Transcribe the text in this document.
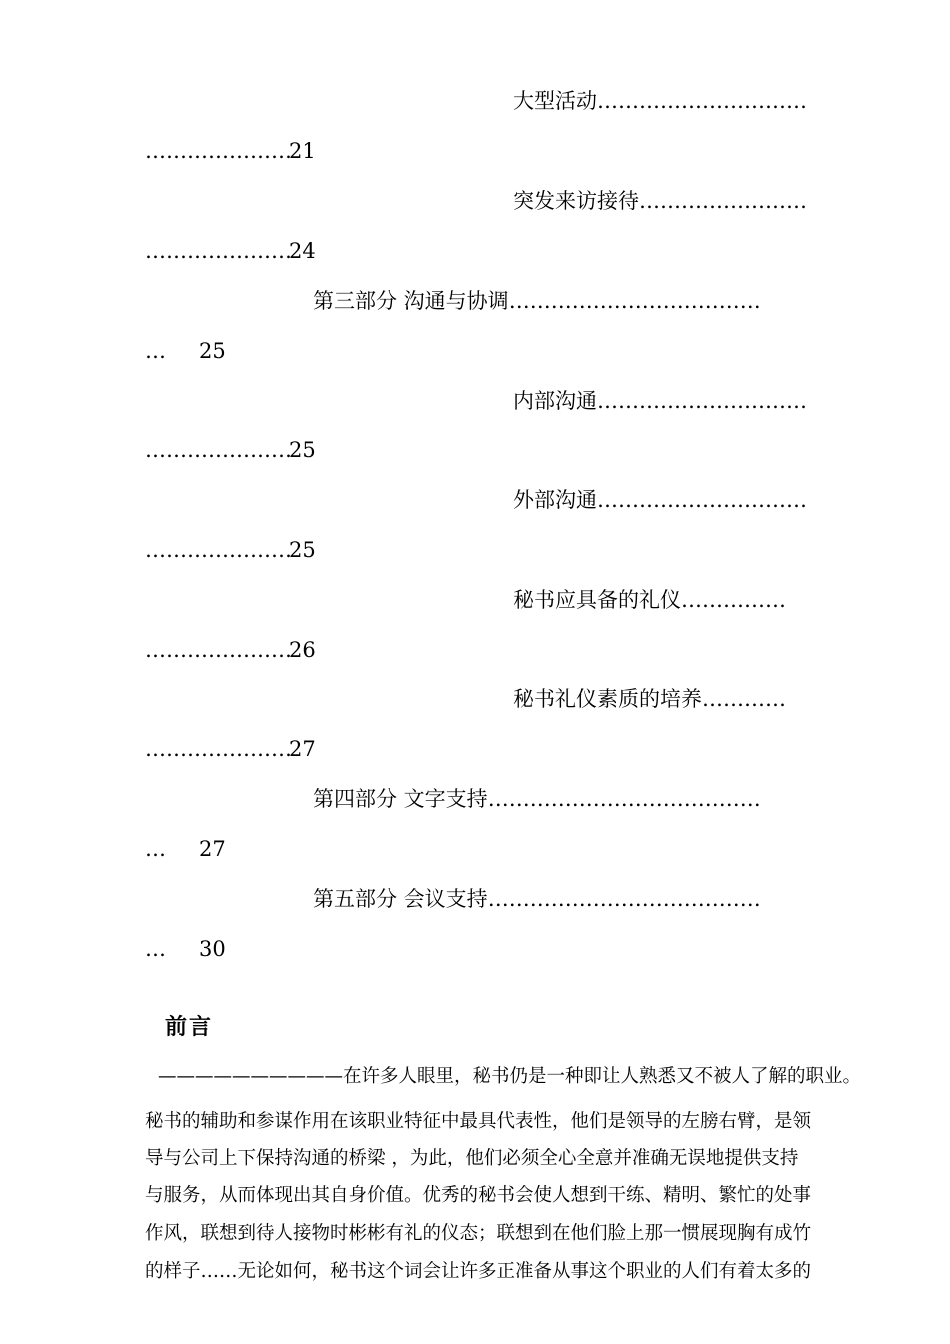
大型活动…………………………
…………………
21
突发来访接待……………………
…………………
24
第三部分 沟通与协调………………………………
… 25
内部沟通…………………………
…………………
25
外部沟通…………………………
…………………
25
秘书应具备的礼仪……………
…………………
26
秘书礼仪素质的培养…………
…………………
27
第四部分 文字支持…………………………………
… 27
第五部分 会议支持…………………………………
… 30
前言
——————————在许多人眼里，秘书仍是一种即让人熟悉又不被人了解的职业。
秘书的辅助和参谋作用在该职业特征中最具代表性，他们是领导的左膀右臂，是领
导与公司上下保持沟通的桥梁 ，为此，他们必须全心全意并准确无误地提供支持
与服务，从而体现出其自身价值。优秀的秘书会使人想到干练、精明、繁忙的处事
作风，联想到待人接物时彬彬有礼的仪态；联想到在他们脸上那一惯展现胸有成竹
的样子……无论如何，秘书这个词会让许多正准备从事这个职业的人们有着太多的
